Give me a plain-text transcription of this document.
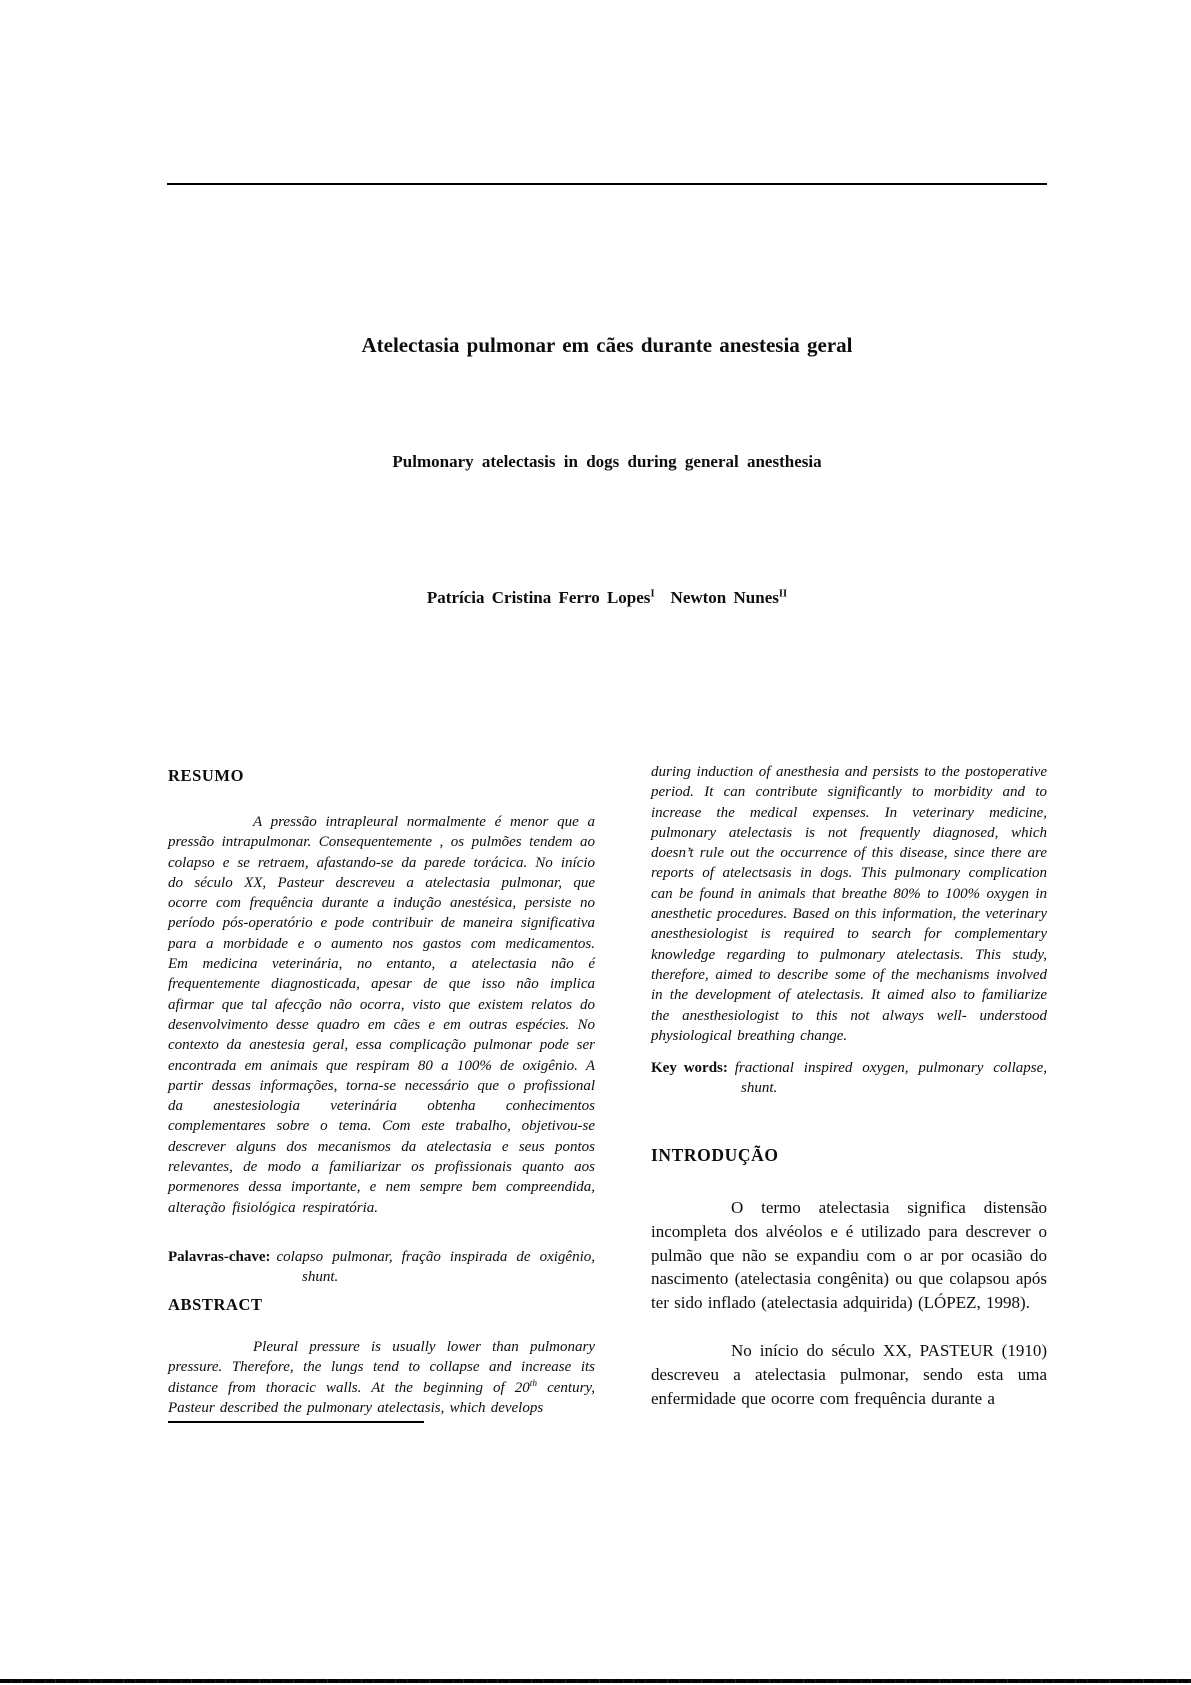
Atelectasia pulmonar em cães durante anestesia geral
Pulmonary atelectasis in dogs during general anesthesia

Patrícia Cristina Ferro Lopes$^I$ Newton Nunes$^{II}$

RESUMO

A pressão intrapleural normalmente é menor que a pressão intrapulmonar. Consequentemente , os pulmões tendem ao colapso e se retraem, afastando-se da parede torácica. No início do século XX, Pasteur descreveu a atelectasia pulmonar, que ocorre com frequência durante a indução anestésica, persiste no período pós-operatório e pode contribuir de maneira significativa para a morbidade e o aumento nos gastos com medicamentos. Em medicina veterinária, no entanto, a atelectasia não é frequentemente diagnosticada, apesar de que isso não implica afirmar que tal afecção não ocorra, visto que existem relatos do desenvolvimento desse quadro em cães e em outras espécies. No contexto da anestesia geral, essa complicação pulmonar pode ser encontrada em animais que respiram 80 a 100% de oxigênio. A partir dessas informações, torna-se necessário que o profissional da anestesiologia veterinária obtenha conhecimentos complementares sobre o tema. Com este trabalho, objetivou-se descrever alguns dos mecanismos da atelectasia e seus pontos relevantes, de modo a familiarizar os profissionais quanto aos pormenores dessa importante, e nem sempre bem compreendida, alteração fisiológica respiratória.

Palavras-chave: colapso pulmonar, fração inspirada de oxigênio, shunt.

ABSTRACT

Pleural pressure is usually lower than pulmonary pressure. Therefore, the lungs tend to collapse and increase its distance from thoracic walls. At the beginning of 20th century, Pasteur described the pulmonary atelectasis, which develops

during induction of anesthesia and persists to the postoperative period. It can contribute significantly to morbidity and to increase the medical expenses. In veterinary medicine, pulmonary atelectasis is not frequently diagnosed, which doesn’t rule out the occurrence of this disease, since there are reports of atelectsasis in dogs. This pulmonary complication can be found in animals that breathe 80% to 100% oxygen in anesthetic procedures. Based on this information, the veterinary anesthesiologist is required to search for complementary knowledge regarding to pulmonary atelectasis. This study, therefore, aimed to describe some of the mechanisms involved in the development of atelectasis. It aimed also to familiarize the anesthesiologist to this not always well- understood physiological breathing change.

Key words: fractional inspired oxygen, pulmonary collapse, shunt.

INTRODUÇÃO

O termo atelectasia significa distensão incompleta dos alvéolos e é utilizado para descrever o pulmão que não se expandiu com o ar por ocasião do nascimento (atelectasia congênita) ou que colapsou após ter sido inflado (atelectasia adquirida) (LÓPEZ, 1998).

No início do século XX, PASTEUR (1910) descreveu a atelectasia pulmonar, sendo esta uma enfermidade que ocorre com frequência durante a
